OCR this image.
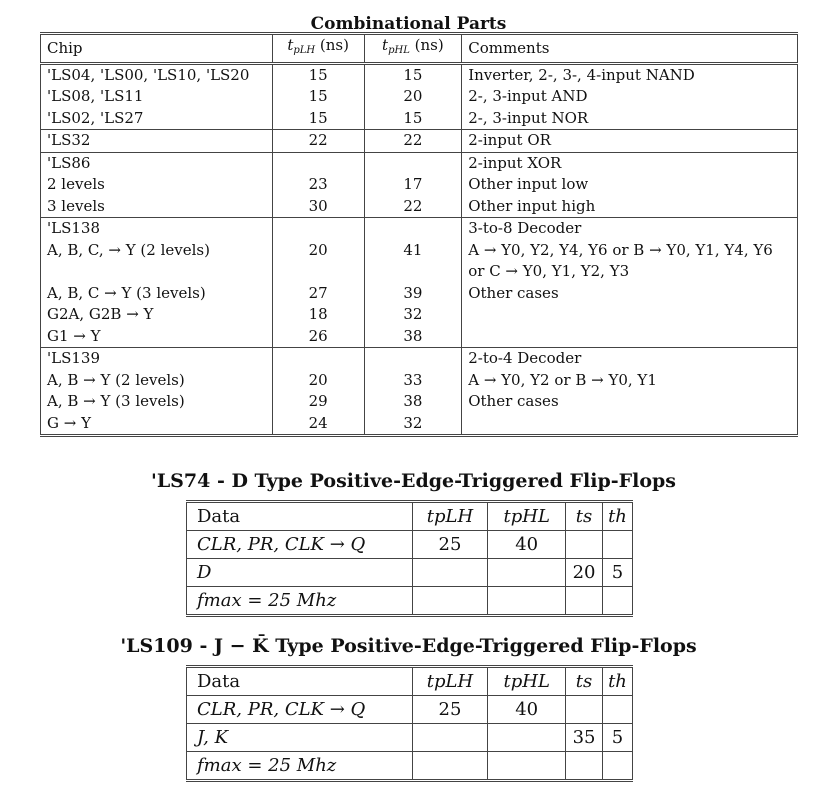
Combinational Parts
Chip	$t_{pLH}$ (ns)	$t_{pHL}$ (ns)	Comments
'LS04, 'LS00, 'LS10, 'LS20	15	15	Inverter, 2-, 3-, 4-input NAND
'LS08, 'LS11	15	20	2-, 3-input AND
'LS02, 'LS27	15	15	2-, 3-input NOR
'LS32	22	22	2-input OR
'LS86			2-input XOR
2 levels	23	17	Other input low
3 levels	30	22	Other input high
'LS138			3-to-8 Decoder
A, B, C, → Y (2 levels)	20	41	A → Y0, Y2, Y4, Y6 or B → Y0, Y1, Y4, Y6
			or C → Y0, Y1, Y2, Y3
A, B, C → Y (3 levels)	27	39	Other cases
G2A, G2B → Y	18	32	
G1 → Y	26	38	
'LS139			2-to-4 Decoder
A, B → Y (2 levels)	20	33	A → Y0, Y2 or B → Y0, Y1
A, B → Y (3 levels)	29	38	Other cases
G → Y	24	32	
'LS74 - D Type Positive-Edge-Triggered Flip-Flops
Data	tpLH	tpHL	ts	th
CLR, PR, CLK → Q	25	40		
D			20	5
fmax = 25 Mhz				
'LS109 - J − K̄ Type Positive-Edge-Triggered Flip-Flops
Data	tpLH	tpHL	ts	th
CLR, PR, CLK → Q	25	40		
J, K			35	5
fmax = 25 Mhz				
